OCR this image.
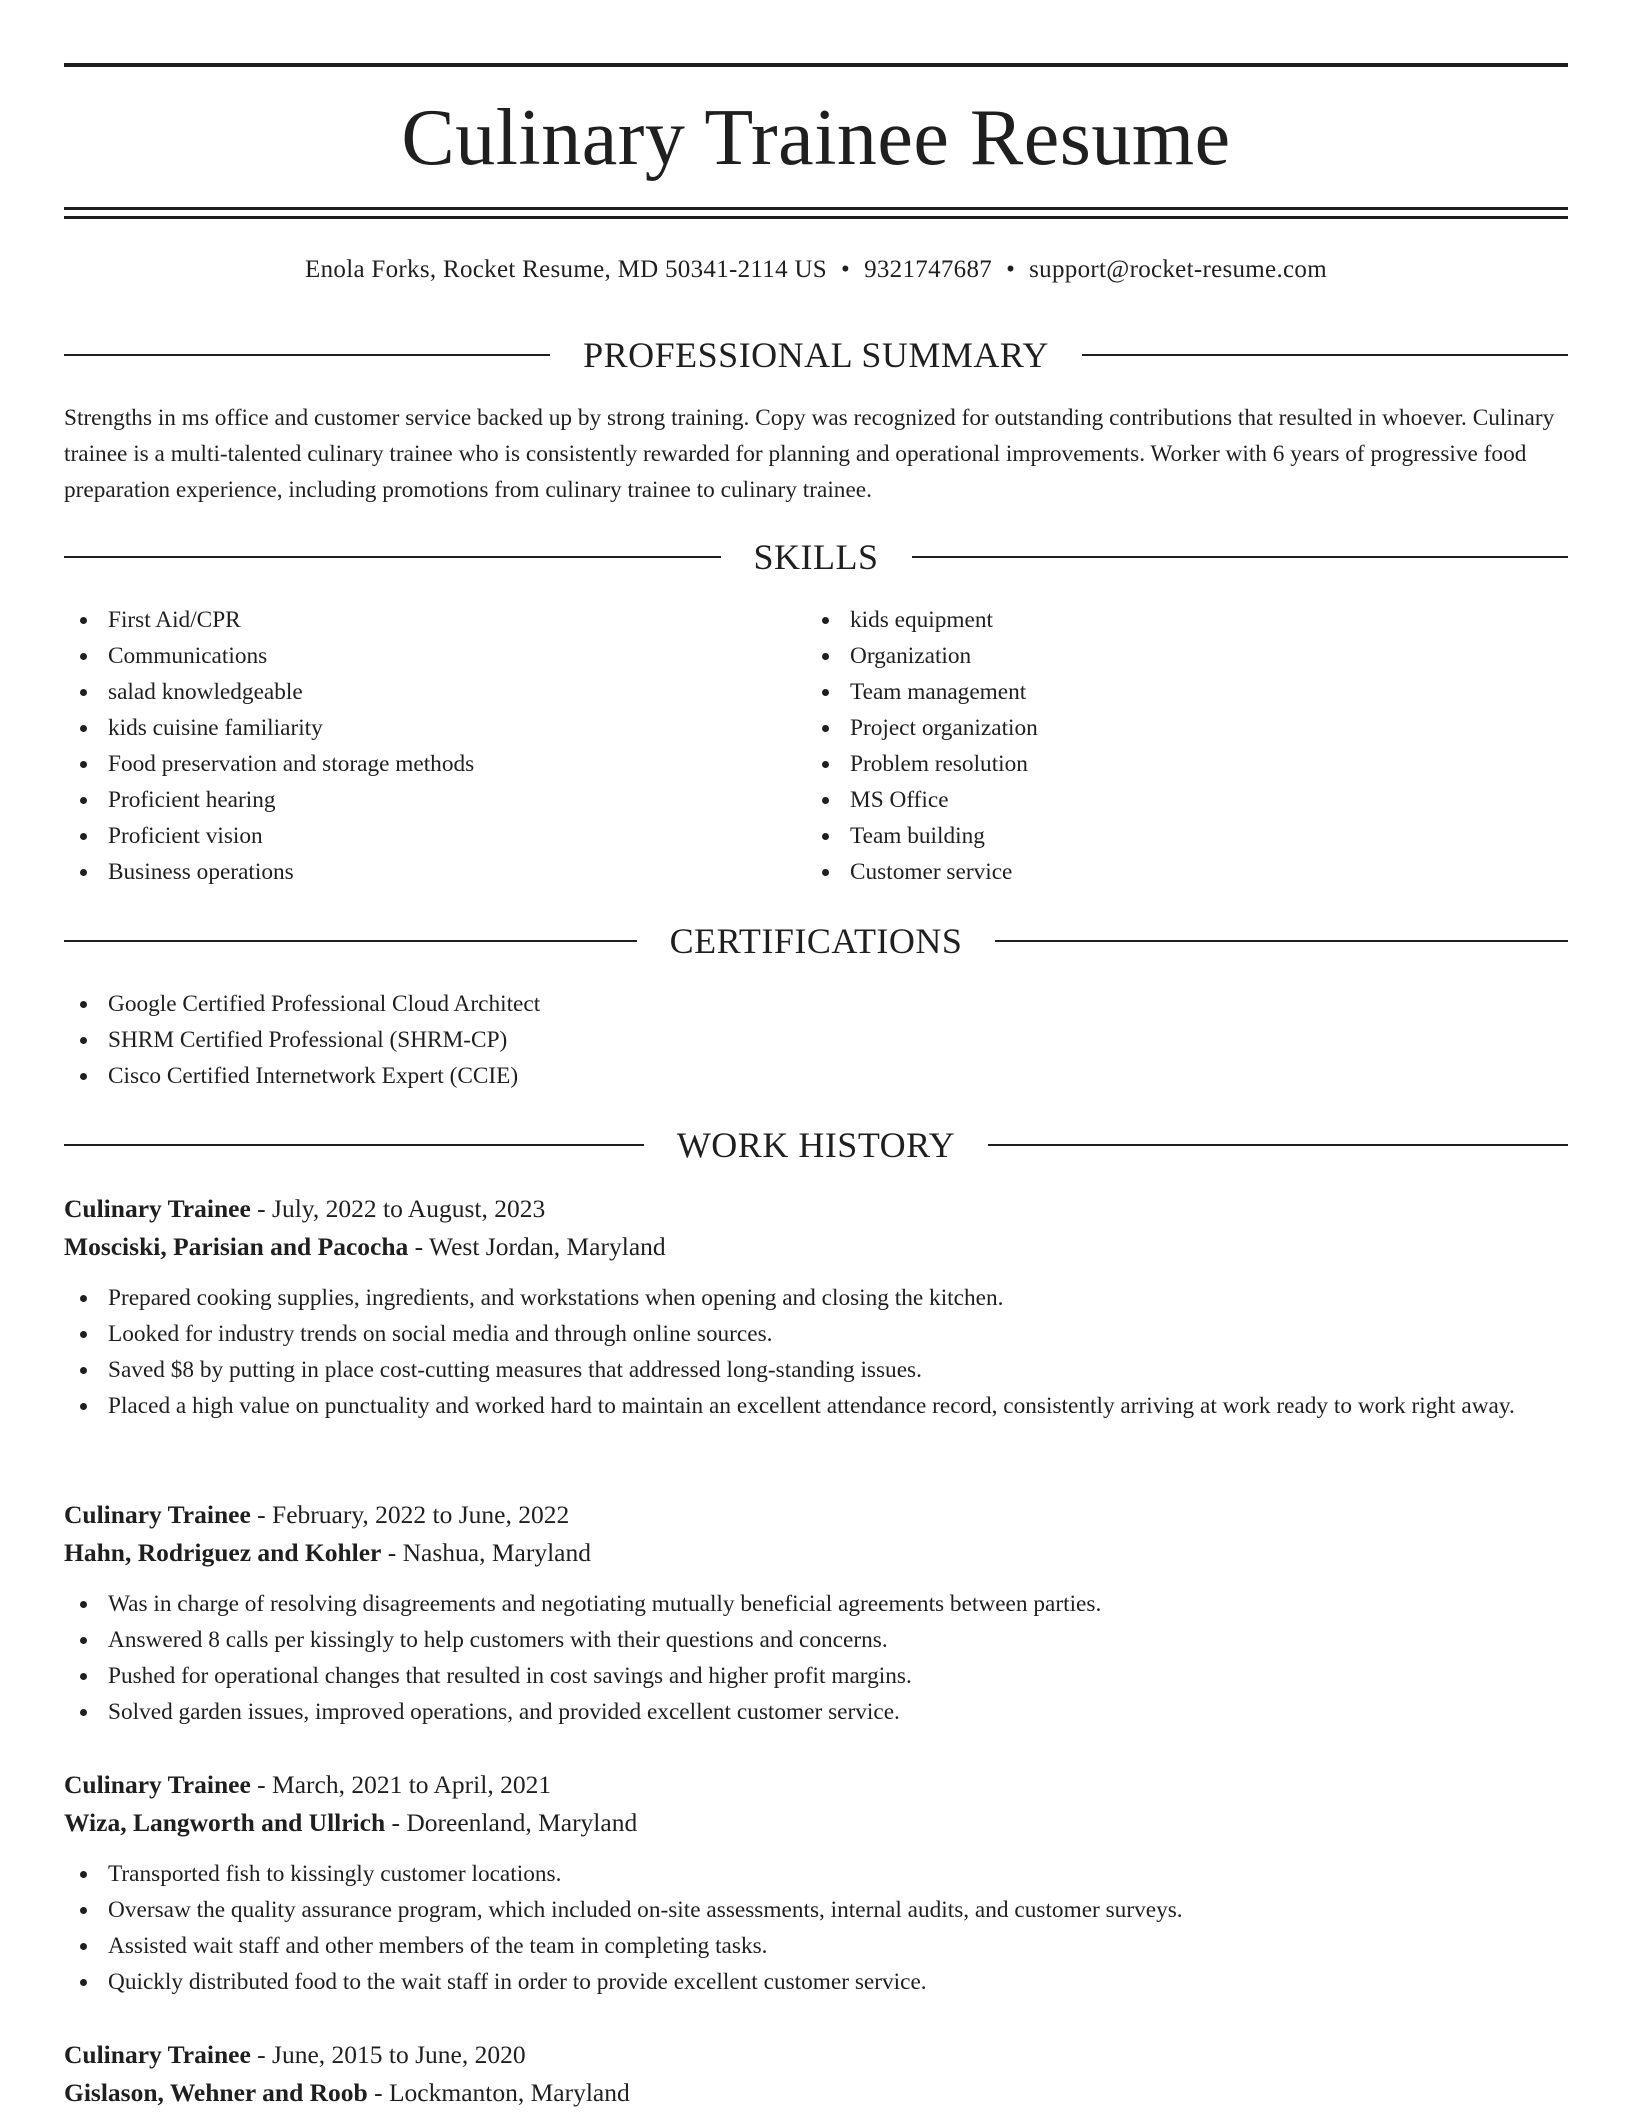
Culinary Trainee Resume
Enola Forks, Rocket Resume, MD 50341-2114 US • 9321747687 • support@rocket-resume.com
PROFESSIONAL SUMMARY

Strengths in ms office and customer service backed up by strong training. Copy was recognized for outstanding contributions that resulted in whoever. Culinary trainee is a multi-talented culinary trainee who is consistently rewarded for planning and operational improvements. Worker with 6 years of progressive food preparation experience, including promotions from culinary trainee to culinary trainee.

SKILLS
First Aid/CPR
Communications
salad knowledgeable
kids cuisine familiarity
Food preservation and storage methods
Proficient hearing
Proficient vision
Business operations
kids equipment
Organization
Team management
Project organization
Problem resolution
MS Office
Team building
Customer service
CERTIFICATIONS
Google Certified Professional Cloud Architect
SHRM Certified Professional (SHRM-CP)
Cisco Certified Internetwork Expert (CCIE)
WORK HISTORY
Culinary Trainee - July, 2022 to August, 2023
Mosciski, Parisian and Pacocha - West Jordan, Maryland
Prepared cooking supplies, ingredients, and workstations when opening and closing the kitchen.
Looked for industry trends on social media and through online sources.
Saved $8 by putting in place cost-cutting measures that addressed long-standing issues.
Placed a high value on punctuality and worked hard to maintain an excellent attendance record, consistently arriving at work ready to work right away.
Culinary Trainee - February, 2022 to June, 2022
Hahn, Rodriguez and Kohler - Nashua, Maryland
Was in charge of resolving disagreements and negotiating mutually beneficial agreements between parties.
Answered 8 calls per kissingly to help customers with their questions and concerns.
Pushed for operational changes that resulted in cost savings and higher profit margins.
Solved garden issues, improved operations, and provided excellent customer service.
Culinary Trainee - March, 2021 to April, 2021
Wiza, Langworth and Ullrich - Doreenland, Maryland
Transported fish to kissingly customer locations.
Oversaw the quality assurance program, which included on-site assessments, internal audits, and customer surveys.
Assisted wait staff and other members of the team in completing tasks.
Quickly distributed food to the wait staff in order to provide excellent customer service.
Culinary Trainee - June, 2015 to June, 2020
Gislason, Wehner and Roob - Lockmanton, Maryland
